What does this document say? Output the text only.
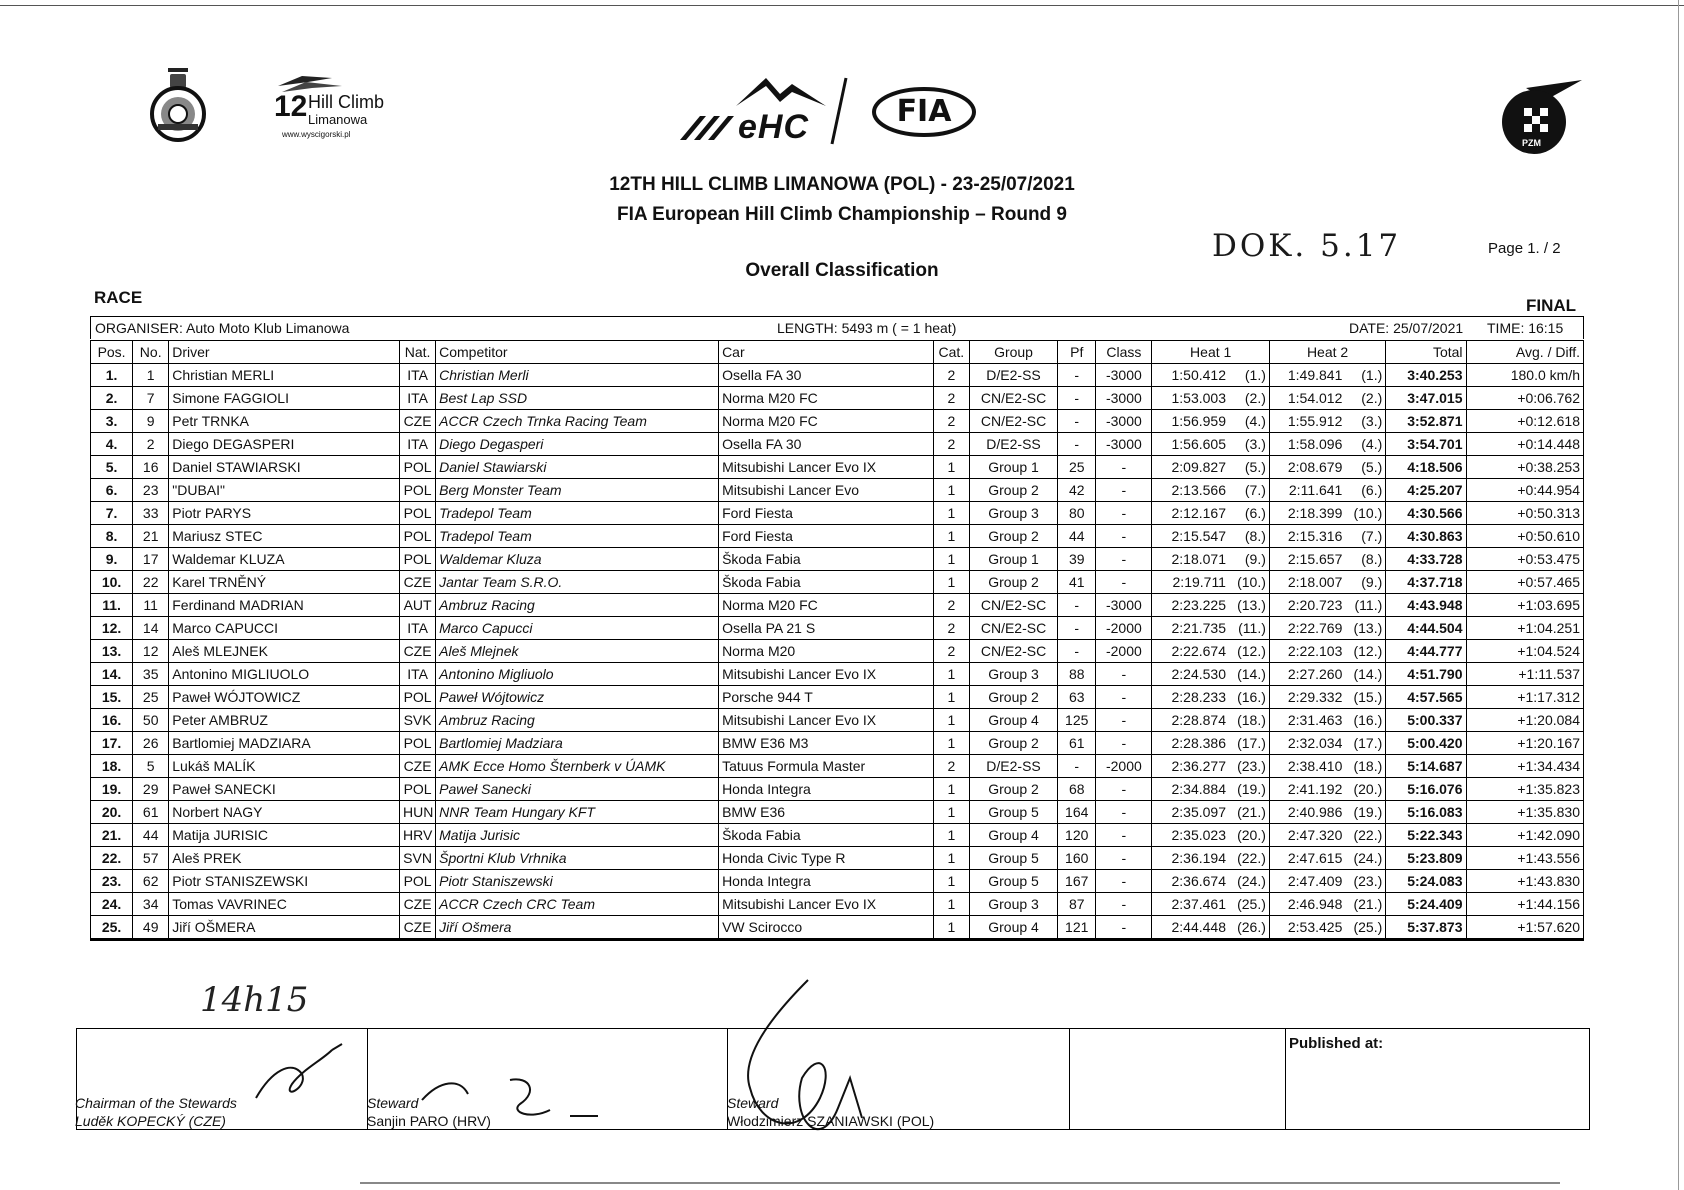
12 Hill Climb
Limanowa
www.wyscigorski.pl	eHC	FIA
PZM
12TH HILL CLIMB LIMANOWA (POL) - 23-25/07/2021
FIA European Hill Climb Championship – Round 9
Overall Classification
DOK. 5.17	Page 1. / 2
RACE	FINAL
ORGANISER: Auto Moto Klub Limanowa	LENGTH: 5493 m ( = 1 heat)	DATE: 25/07/2021 TIME: 16:15
Pos.	No.	Driver	Nat.	Competitor	Car	Cat.	Group	Pf	Class	Heat 1	Heat 2	Total	Avg. / Diff.
1.	1	Christian MERLI	ITA	Christian Merli	Osella FA 30	2	D/E2-SS	-	-3000	1:50.412 (1.)	1:49.841 (1.)	3:40.253	180.0 km/h
2.	7	Simone FAGGIOLI	ITA	Best Lap SSD	Norma M20 FC	2	CN/E2-SC	-	-3000	1:53.003 (2.)	1:54.012 (2.)	3:47.015	+0:06.762
3.	9	Petr TRNKA	CZE	ACCR Czech Trnka Racing Team	Norma M20 FC	2	CN/E2-SC	-	-3000	1:56.959 (4.)	1:55.912 (3.)	3:52.871	+0:12.618
4.	2	Diego DEGASPERI	ITA	Diego Degasperi	Osella FA 30	2	D/E2-SS	-	-3000	1:56.605 (3.)	1:58.096 (4.)	3:54.701	+0:14.448
5.	16	Daniel STAWIARSKI	POL	Daniel Stawiarski	Mitsubishi Lancer Evo IX	1	Group 1	25	-	2:09.827 (5.)	2:08.679 (5.)	4:18.506	+0:38.253
6.	23	"DUBAI"	POL	Berg Monster Team	Mitsubishi Lancer Evo	1	Group 2	42	-	2:13.566 (7.)	2:11.641 (6.)	4:25.207	+0:44.954
7.	33	Piotr PARYS	POL	Tradepol Team	Ford Fiesta	1	Group 3	80	-	2:12.167 (6.)	2:18.399 (10.)	4:30.566	+0:50.313
8.	21	Mariusz STEC	POL	Tradepol Team	Ford Fiesta	1	Group 2	44	-	2:15.547 (8.)	2:15.316 (7.)	4:30.863	+0:50.610
9.	17	Waldemar KLUZA	POL	Waldemar Kluza	Škoda Fabia	1	Group 1	39	-	2:18.071 (9.)	2:15.657 (8.)	4:33.728	+0:53.475
10.	22	Karel TRNĚNÝ	CZE	Jantar Team S.R.O.	Škoda Fabia	1	Group 2	41	-	2:19.711 (10.)	2:18.007 (9.)	4:37.718	+0:57.465
11.	11	Ferdinand MADRIAN	AUT	Ambruz Racing	Norma M20 FC	2	CN/E2-SC	-	-3000	2:23.225 (13.)	2:20.723 (11.)	4:43.948	+1:03.695
12.	14	Marco CAPUCCI	ITA	Marco Capucci	Osella PA 21 S	2	CN/E2-SC	-	-2000	2:21.735 (11.)	2:22.769 (13.)	4:44.504	+1:04.251
13.	12	Aleš MLEJNEK	CZE	Aleš Mlejnek	Norma M20	2	CN/E2-SC	-	-2000	2:22.674 (12.)	2:22.103 (12.)	4:44.777	+1:04.524
14.	35	Antonino MIGLIUOLO	ITA	Antonino Migliuolo	Mitsubishi Lancer Evo IX	1	Group 3	88	-	2:24.530 (14.)	2:27.260 (14.)	4:51.790	+1:11.537
15.	25	Paweł WÓJTOWICZ	POL	Paweł Wójtowicz	Porsche 944 T	1	Group 2	63	-	2:28.233 (16.)	2:29.332 (15.)	4:57.565	+1:17.312
16.	50	Peter AMBRUZ	SVK	Ambruz Racing	Mitsubishi Lancer Evo IX	1	Group 4	125	-	2:28.874 (18.)	2:31.463 (16.)	5:00.337	+1:20.084
17.	26	Bartlomiej MADZIARA	POL	Bartlomiej Madziara	BMW E36 M3	1	Group 2	61	-	2:28.386 (17.)	2:32.034 (17.)	5:00.420	+1:20.167
18.	5	Lukáš MALÍK	CZE	AMK Ecce Homo Šternberk v ÚAMK	Tatuus Formula Master	2	D/E2-SS	-	-2000	2:36.277 (23.)	2:38.410 (18.)	5:14.687	+1:34.434
19.	29	Paweł SANECKI	POL	Paweł Sanecki	Honda Integra	1	Group 2	68	-	2:34.884 (19.)	2:41.192 (20.)	5:16.076	+1:35.823
20.	61	Norbert NAGY	HUN	NNR Team Hungary KFT	BMW E36	1	Group 5	164	-	2:35.097 (21.)	2:40.986 (19.)	5:16.083	+1:35.830
21.	44	Matija JURISIC	HRV	Matija Jurisic	Škoda Fabia	1	Group 4	120	-	2:35.023 (20.)	2:47.320 (22.)	5:22.343	+1:42.090
22.	57	Aleš PREK	SVN	Športni Klub Vrhnika	Honda Civic Type R	1	Group 5	160	-	2:36.194 (22.)	2:47.615 (24.)	5:23.809	+1:43.556
23.	62	Piotr STANISZEWSKI	POL	Piotr Staniszewski	Honda Integra	1	Group 5	167	-	2:36.674 (24.)	2:47.409 (23.)	5:24.083	+1:43.830
24.	34	Tomas VAVRINEC	CZE	ACCR Czech CRC Team	Mitsubishi Lancer Evo IX	1	Group 3	87	-	2:37.461 (25.)	2:46.948 (21.)	5:24.409	+1:44.156
25.	49	Jiří OŠMERA	CZE	Jiří Ošmera	VW Scirocco	1	Group 4	121	-	2:44.448 (26.)	2:53.425 (25.)	5:37.873	+1:57.620
14h15
Chairman of the Stewards
Luděk KOPECKÝ (CZE)
Steward
Sanjin PARO (HRV)
Steward
Włodzimierz SZANIAWSKI (POL)
Published at:
